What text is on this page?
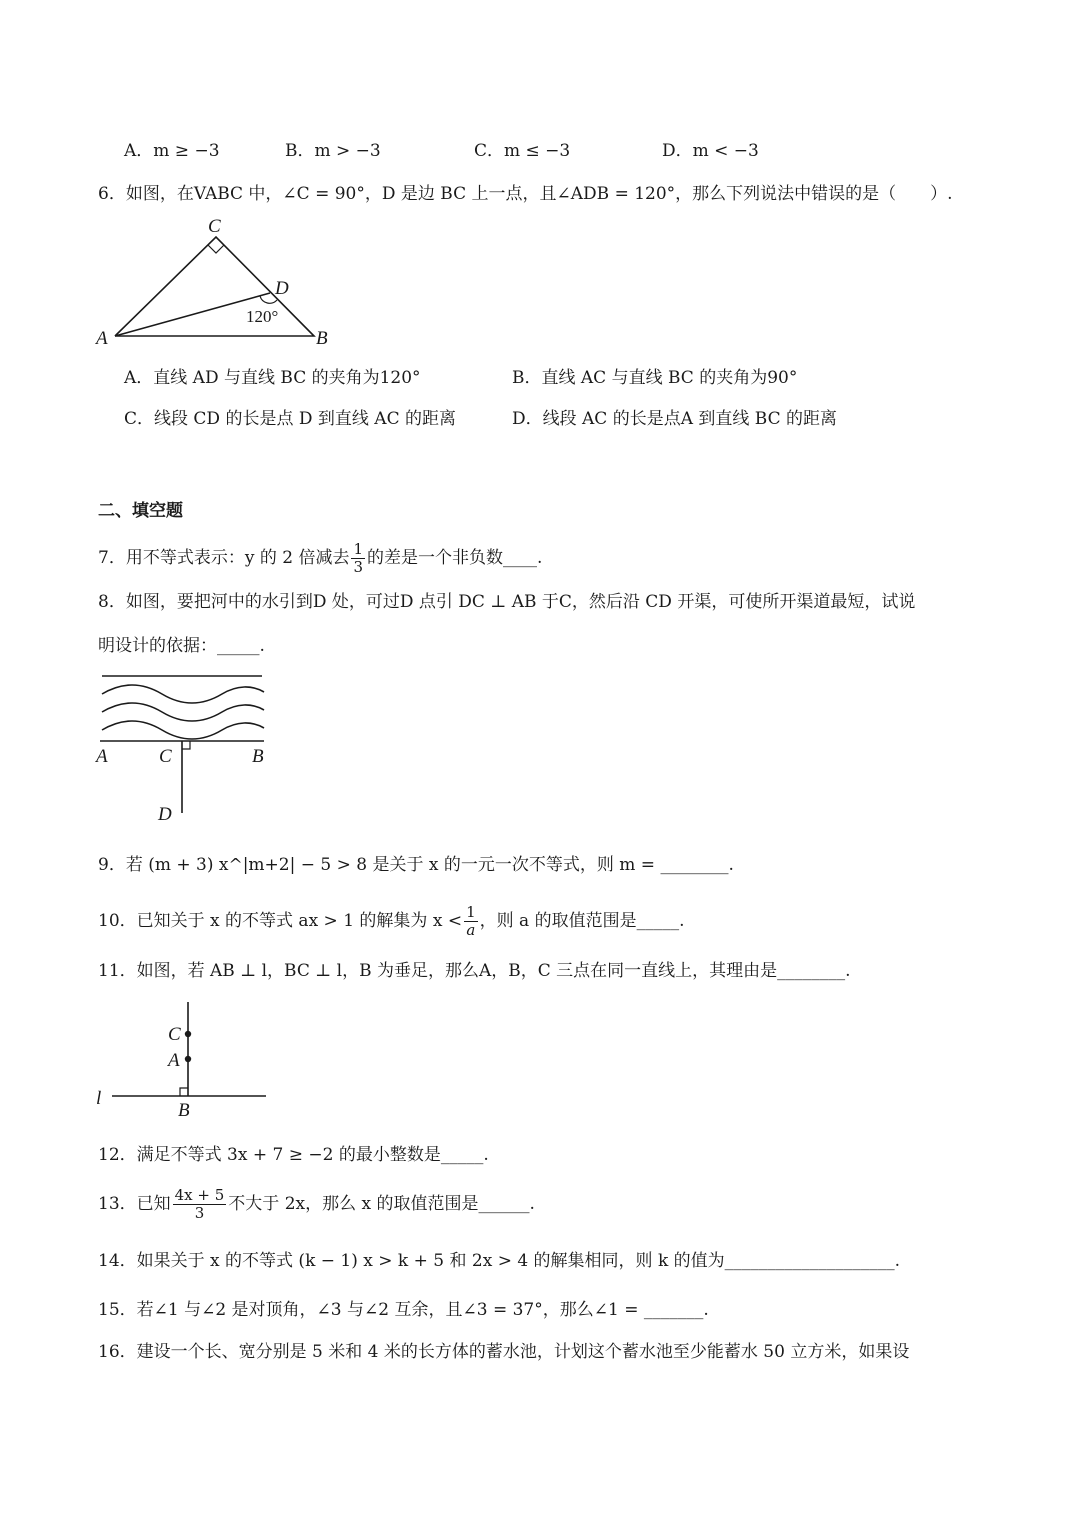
A．m ≥ −3	B．m > −3	C．m ≤ −3	D．m < −3
6．如图，在VABC 中，∠C = 90°，D 是边 BC 上一点，且∠ADB = 120°，那么下列说法中错误的是（　　）.
C
D
A	B
120°
A．直线 AD 与直线 BC 的夹角为120°	B．直线 AC 与直线 BC 的夹角为90°
C．线段 CD 的长是点 D 到直线 AC 的距离	D．线段 AC 的长是点A 到直线 BC 的距离
二、填空题
7．用不等式表示：y 的 2 倍减去 $\frac{1}{3}$ 的差是一个非负数____.
8．如图，要把河中的水引到D 处，可过D 点引 DC ⊥ AB 于C，然后沿 CD 开渠，可使所开渠道最短，试说
明设计的依据：_____.
A	C	B
D
9．若 (m + 3) x^|m+2| − 5 > 8 是关于 x 的一元一次不等式，则 m = ________.
10．已知关于 x 的不等式 ax > 1 的解集为 $x < \frac{1}{a}$ ，则 a 的取值范围是_____.
11．如图，若 AB ⊥ l，BC ⊥ l，B 为垂足，那么A，B，C 三点在同一直线上，其理由是________.
C
A
l
B
12．满足不等式 3x + 7 ≥ −2 的最小整数是_____.
13．已知 $\frac{4x + 5}{3}$ 不大于 2x，那么 x 的取值范围是______.
14．如果关于 x 的不等式 (k − 1) x > k + 5 和 2x > 4 的解集相同，则 k 的值为____________________.
15．若∠1 与∠2 是对顶角，∠3 与∠2 互余，且∠3 = 37°，那么∠1 = _______.
16．建设一个长、宽分别是 5 米和 4 米的长方体的蓄水池，计划这个蓄水池至少能蓄水 50 立方米，如果设
